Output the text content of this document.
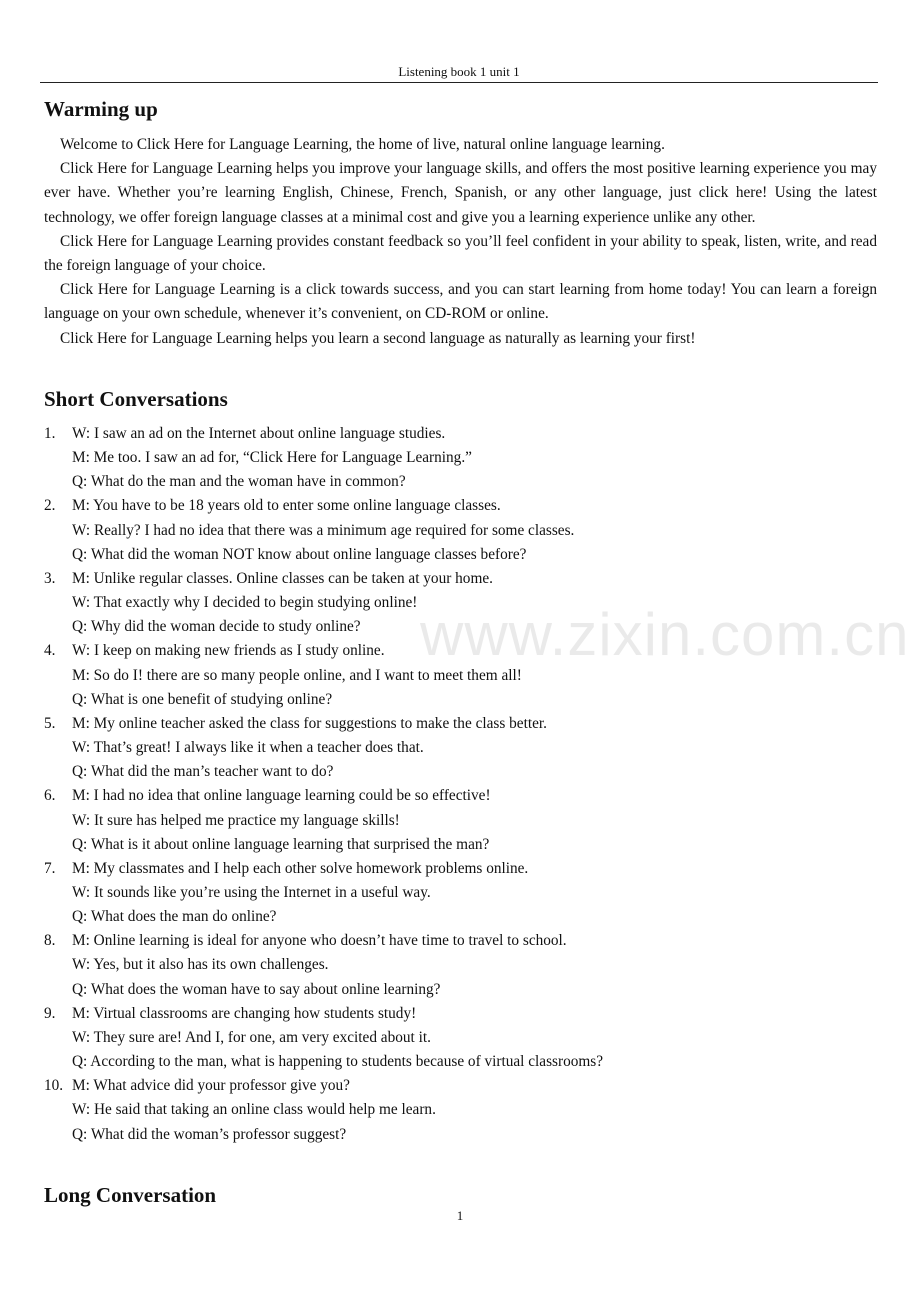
Listening book 1 unit 1
Warming up

Welcome to Click Here for Language Learning, the home of live, natural online language learning.

Click Here for Language Learning helps you improve your language skills, and offers the most positive learning experience you may ever have. Whether you’re learning English, Chinese, French, Spanish, or any other language, just click here! Using the latest technology, we offer foreign language classes at a minimal cost and give you a learning experience unlike any other.

Click Here for Language Learning provides constant feedback so you’ll feel confident in your ability to speak, listen, write, and read the foreign language of your choice.

Click Here for Language Learning is a click towards success, and you can start learning from home today! You can learn a foreign language on your own schedule, whenever it’s convenient, on CD-ROM or online.

Click Here for Language Learning helps you learn a second language as naturally as learning your first!

Short Conversations
1. W: I saw an ad on the Internet about online language studies.
M: Me too. I saw an ad for, “Click Here for Language Learning.”
Q: What do the man and the woman have in common?
2. M: You have to be 18 years old to enter some online language classes.
W: Really? I had no idea that there was a minimum age required for some classes.
Q: What did the woman NOT know about online language classes before?
3. M: Unlike regular classes. Online classes can be taken at your home.
W: That exactly why I decided to begin studying online!
Q: Why did the woman decide to study online?
4. W: I keep on making new friends as I study online.
M: So do I! there are so many people online, and I want to meet them all!
Q: What is one benefit of studying online?
5. M: My online teacher asked the class for suggestions to make the class better.
W: That’s great! I always like it when a teacher does that.
Q: What did the man’s teacher want to do?
6. M: I had no idea that online language learning could be so effective!
W: It sure has helped me practice my language skills!
Q: What is it about online language learning that surprised the man?
7. M: My classmates and I help each other solve homework problems online.
W: It sounds like you’re using the Internet in a useful way.
Q: What does the man do online?
8. M: Online learning is ideal for anyone who doesn’t have time to travel to school.
W: Yes, but it also has its own challenges.
Q: What does the woman have to say about online learning?
9. M: Virtual classrooms are changing how students study!
W: They sure are! And I, for one, am very excited about it.
Q: According to the man, what is happening to students because of virtual classrooms?
10. M: What advice did your professor give you?
W: He said that taking an online class would help me learn.
Q: What did the woman’s professor suggest?
Long Conversation
www.zixin.com.cn
1
